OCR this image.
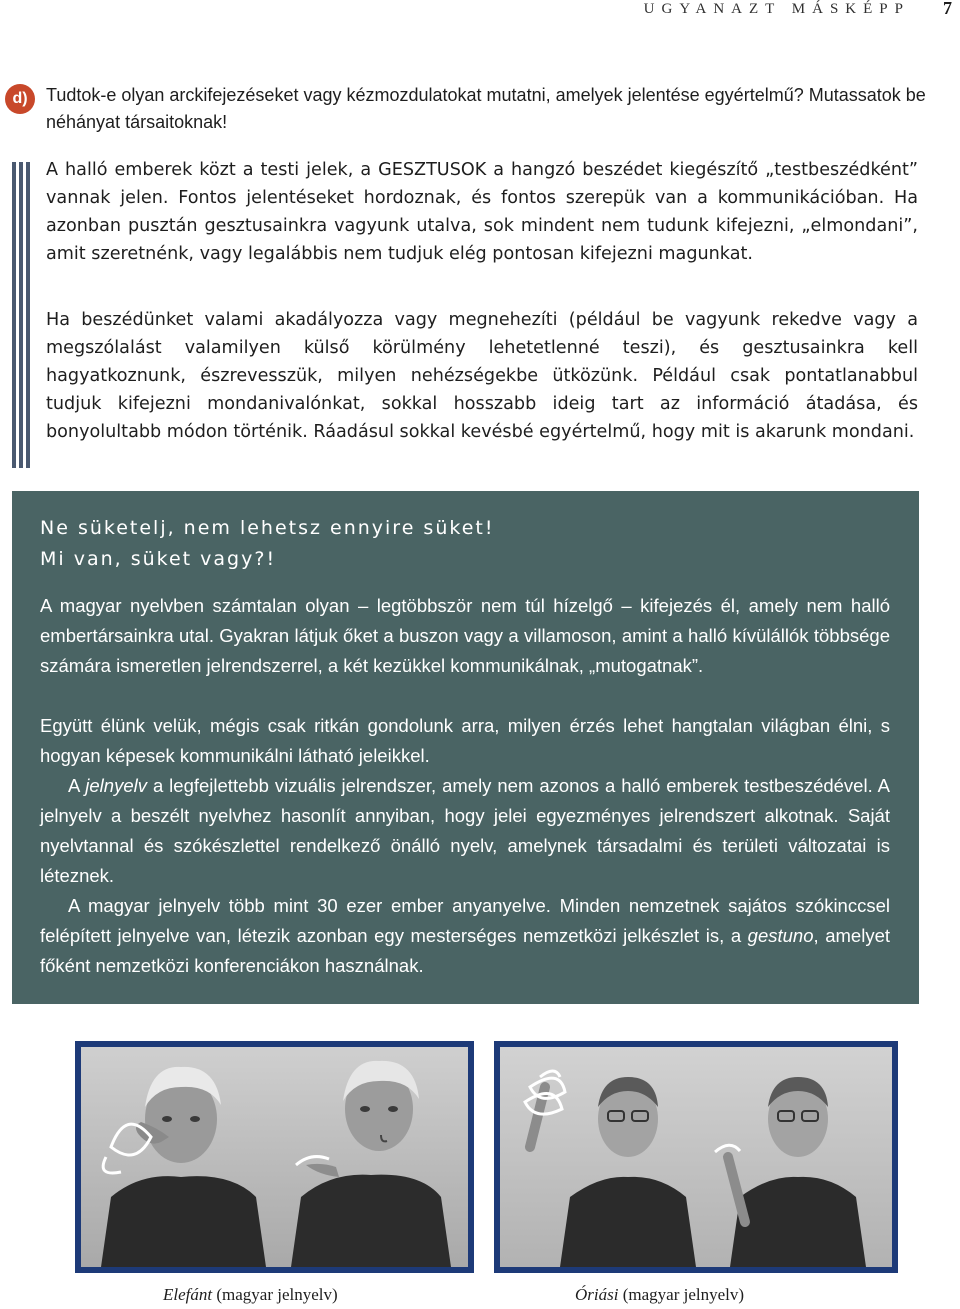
UGYANAZT MÁSKÉPP 7
d)	Tudtok-e olyan arckifejezéseket vagy kézmozdulatokat mutatni, amelyek jelentése egyértelmű? Mutassatok be néhányat társaitoknak!

A halló emberek közt a testi jelek, a GESZTUSOK a hangzó beszédet kiegészítő „testbeszédként” vannak jelen. Fontos jelentéseket hordoznak, és fontos szerepük van a kommunikációban. Ha azonban pusztán gesztusainkra vagyunk utalva, sok mindent nem tudunk kifejezni, „elmondani”, amit szeretnénk, vagy legalábbis nem tudjuk elég pontosan kifejezni magunkat.

Ha beszédünket valami akadályozza vagy megnehezíti (például be vagyunk rekedve vagy a megszólalást valamilyen külső körülmény lehetetlenné teszi), és gesztusainkra kell hagyatkoznunk, észrevesszük, milyen nehézségekbe ütközünk. Például csak pontatlanabbul tudjuk kifejezni mondanivalónkat, sokkal hosszabb ideig tart az információ átadása, és bonyolultabb módon történik. Ráadásul sokkal kevésbé egyértelmű, hogy mit is akarunk mondani.

Ne süketelj, nem lehetsz ennyire süket!
Mi van, süket vagy?!

A magyar nyelvben számtalan olyan – legtöbbször nem túl hízelgő – kifejezés él, amely nem halló embertársainkra utal. Gyakran látjuk őket a buszon vagy a villamoson, amint a halló kívülállók többsége számára ismeretlen jelrendszerrel, a két kezükkel kommunikálnak, „mutogatnak”.

Együtt élünk velük, mégis csak ritkán gondolunk arra, milyen érzés lehet hangtalan világban élni, s hogyan képesek kommunikálni látható jeleikkel.

A jelnyelv a legfejlettebb vizuális jelrendszer, amely nem azonos a halló emberek testbeszédével. A jelnyelv a beszélt nyelvhez hasonlít annyiban, hogy jelei egyezményes jelrendszert alkotnak. Saját nyelvtannal és szókészlettel rendelkező önálló nyelv, amelynek társadalmi és területi változatai is léteznek.

A magyar jelnyelv több mint 30 ezer ember anyanyelve. Minden nemzetnek sajátos szókinccsel felépített jelnyelve van, létezik azonban egy mesterséges nemzetközi jelkészlet is, a gestuno, amelyet főként nemzetközi konferenciákon használnak.

Elefánt (magyar jelnyelv)	Óriási (magyar jelnyelv)
